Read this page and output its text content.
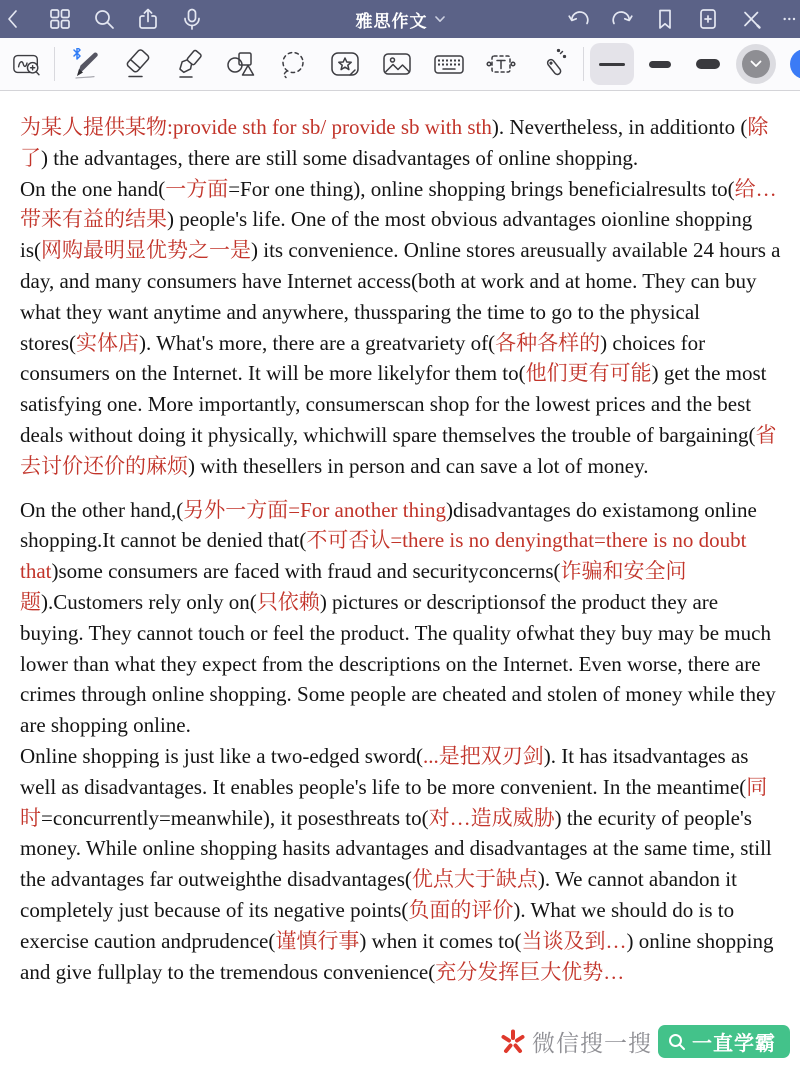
雅思作文

为某人提供某物:provide sth for sb/ provide sb with sth). Nevertheless, in additionto (除了) the advantages, there are still some disadvantages of online shopping.

On the one hand(一方面=For one thing), online shopping brings beneficialresults to(给…带来有益的结果) people's life. One of the most obvious advantages oionline shopping is(网购最明显优势之一是) its convenience. Online stores areusually available 24 hours a day, and many consumers have Internet access(both at work and at home. They can buy what they want anytime and anywhere, thussparing the time to go to the physical stores(实体店). What's more, there are a greatvariety of(各种各样的) choices for consumers on the Internet. It will be more likelyfor them to(他们更有可能) get the most satisfying one. More importantly, consumerscan shop for the lowest prices and the best deals without doing it physically, whichwill spare themselves the trouble of bargaining(省去讨价还价的麻烦) with thesellers in person and can save a lot of money.

On the other hand,(另外一方面=For another thing)disadvantages do existamong online shopping.It cannot be denied that(不可否认=there is no denyingthat=there is no doubt that)some consumers are faced with fraud and securityconcerns(诈骗和安全问题).Customers rely only on(只依赖) pictures or descriptionsof the product they are buying. They cannot touch or feel the product. The quality ofwhat they buy may be much lower than what they expect from the descriptions on the Internet. Even worse, there are crimes through online shopping. Some people are cheated and stolen of money while they are shopping online.

Online shopping is just like a two-edged sword(...是把双刃剑). It has itsadvantages as well as disadvantages. It enables people's life to be more convenient. In the meantime(同时=concurrently=meanwhile), it posesthreats to(对…造成威胁) the ecurity of people's money. While online shopping hasits advantages and disadvantages at the same time, still the advantages far outweighthe disadvantages(优点大于缺点). We cannot abandon it completely just because of its negative points(负面的评价). What we should do is to exercise caution andprudence(谨慎行事) when it comes to(当谈及到…) online shopping and give fullplay to the tremendous convenience(充分发挥巨大优势…

微信搜一搜 一直学霸
